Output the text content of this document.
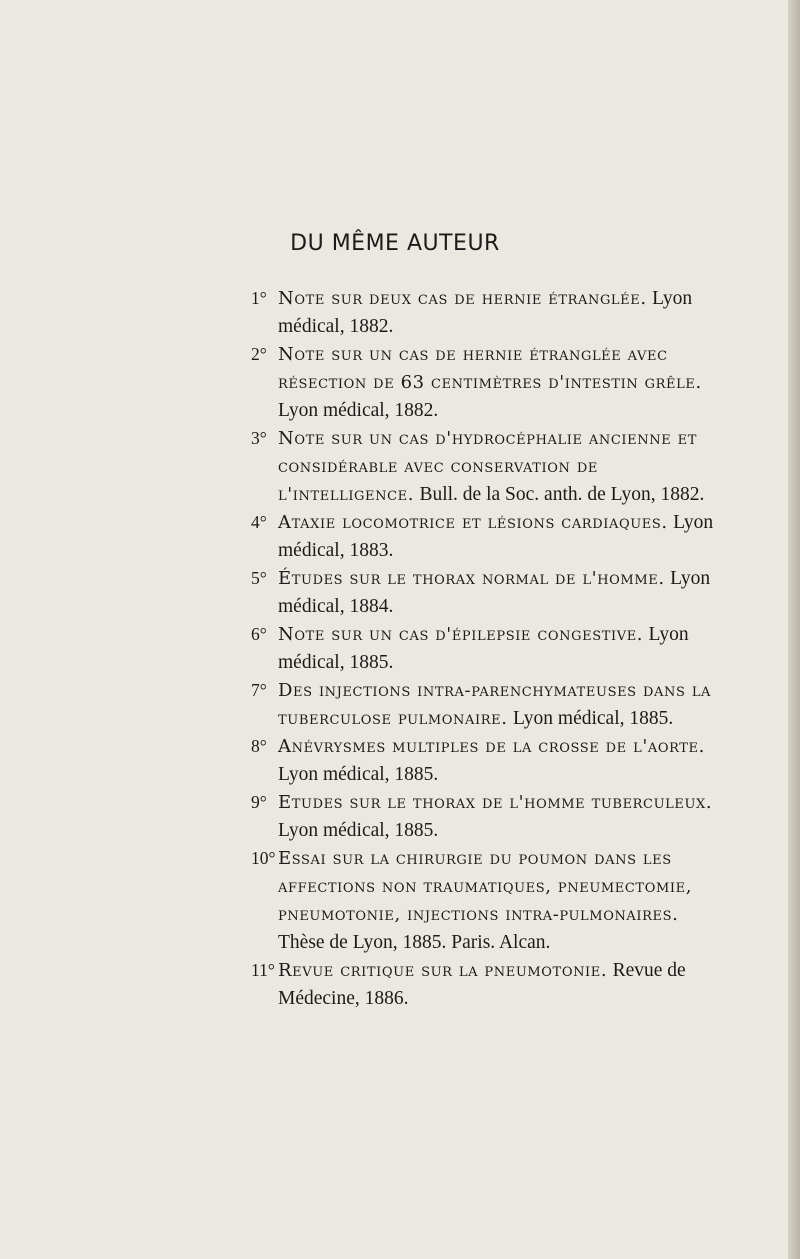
DU MÊME AUTEUR

1° Note sur deux cas de hernie étranglée. Lyon médical, 1882.

2° Note sur un cas de hernie étranglée avec résection de 63 centimètres d'intestin grêle. Lyon médical, 1882.

3° Note sur un cas d'hydrocéphalie ancienne et considérable avec conservation de l'intelligence. Bull. de la Soc. anth. de Lyon, 1882.

4° Ataxie locomotrice et lésions cardiaques. Lyon médical, 1883.

5° Études sur le thorax normal de l'homme. Lyon médical, 1884.

6° Note sur un cas d'épilepsie congestive. Lyon médical, 1885.

7° Des injections intra-parenchymateuses dans la tuberculose pulmonaire. Lyon médical, 1885.

8° Anévrysmes multiples de la crosse de l'aorte. Lyon médical, 1885.

9° Etudes sur le thorax de l'homme tuberculeux. Lyon médical, 1885.

10° Essai sur la chirurgie du poumon dans les affections non traumatiques, pneumectomie, pneumotonie, injections intra-pulmonaires. Thèse de Lyon, 1885. Paris. Alcan.

11° Revue critique sur la pneumotonie. Revue de Médecine, 1886.
